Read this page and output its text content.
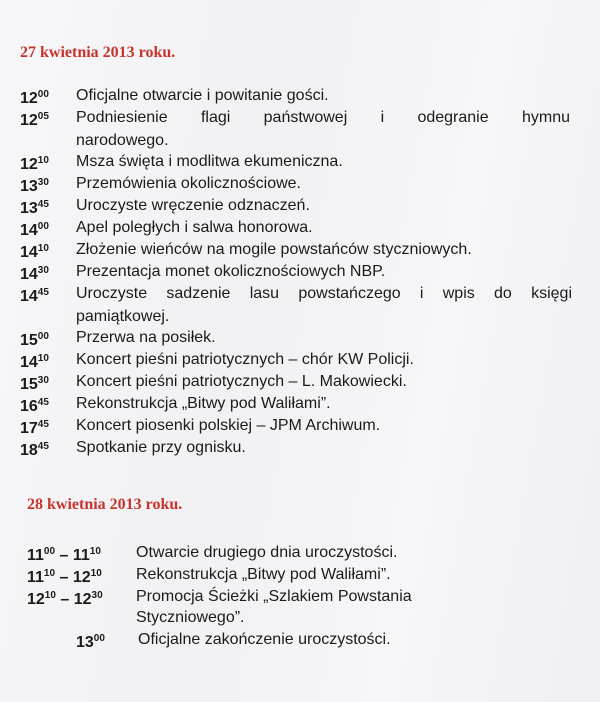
27 kwietnia 2013 roku.
$12^{00}$ Oficjalne otwarcie i powitanie gości.
$12^{05}$ Podniesienie flagi państwowej i odegranie hymnu
narodowego.
$12^{10}$ Msza święta i modlitwa ekumeniczna.
$13^{30}$ Przemówienia okolicznościowe.
$13^{45}$ Uroczyste wręczenie odznaczeń.
$14^{00}$ Apel poległych i salwa honorowa.
$14^{10}$ Złożenie wieńców na mogile powstańców styczniowych.
$14^{30}$ Prezentacja monet okolicznościowych NBP.
$14^{45}$ Uroczyste sadzenie lasu powstańczego i wpis do księgi
pamiątkowej.
$15^{00}$ Przerwa na posiłek.
$14^{10}$ Koncert pieśni patriotycznych – chór KW Policji.
$15^{30}$ Koncert pieśni patriotycznych – L. Makowiecki.
$16^{45}$ Rekonstrukcja „Bitwy pod Waliłami”.
$17^{45}$ Koncert piosenki polskiej – JPM Archiwum.
$18^{45}$ Spotkanie przy ognisku.
28 kwietnia 2013 roku.
$11^{00} - 11^{10}$ Otwarcie drugiego dnia uroczystości.
$11^{10} - 12^{10}$ Rekonstrukcja „Bitwy pod Waliłami”.
$12^{10} - 12^{30}$ Promocja Ścieżki „Szlakiem Powstania
Styczniowego”.
$13^{00}$ Oficjalne zakończenie uroczystości.
